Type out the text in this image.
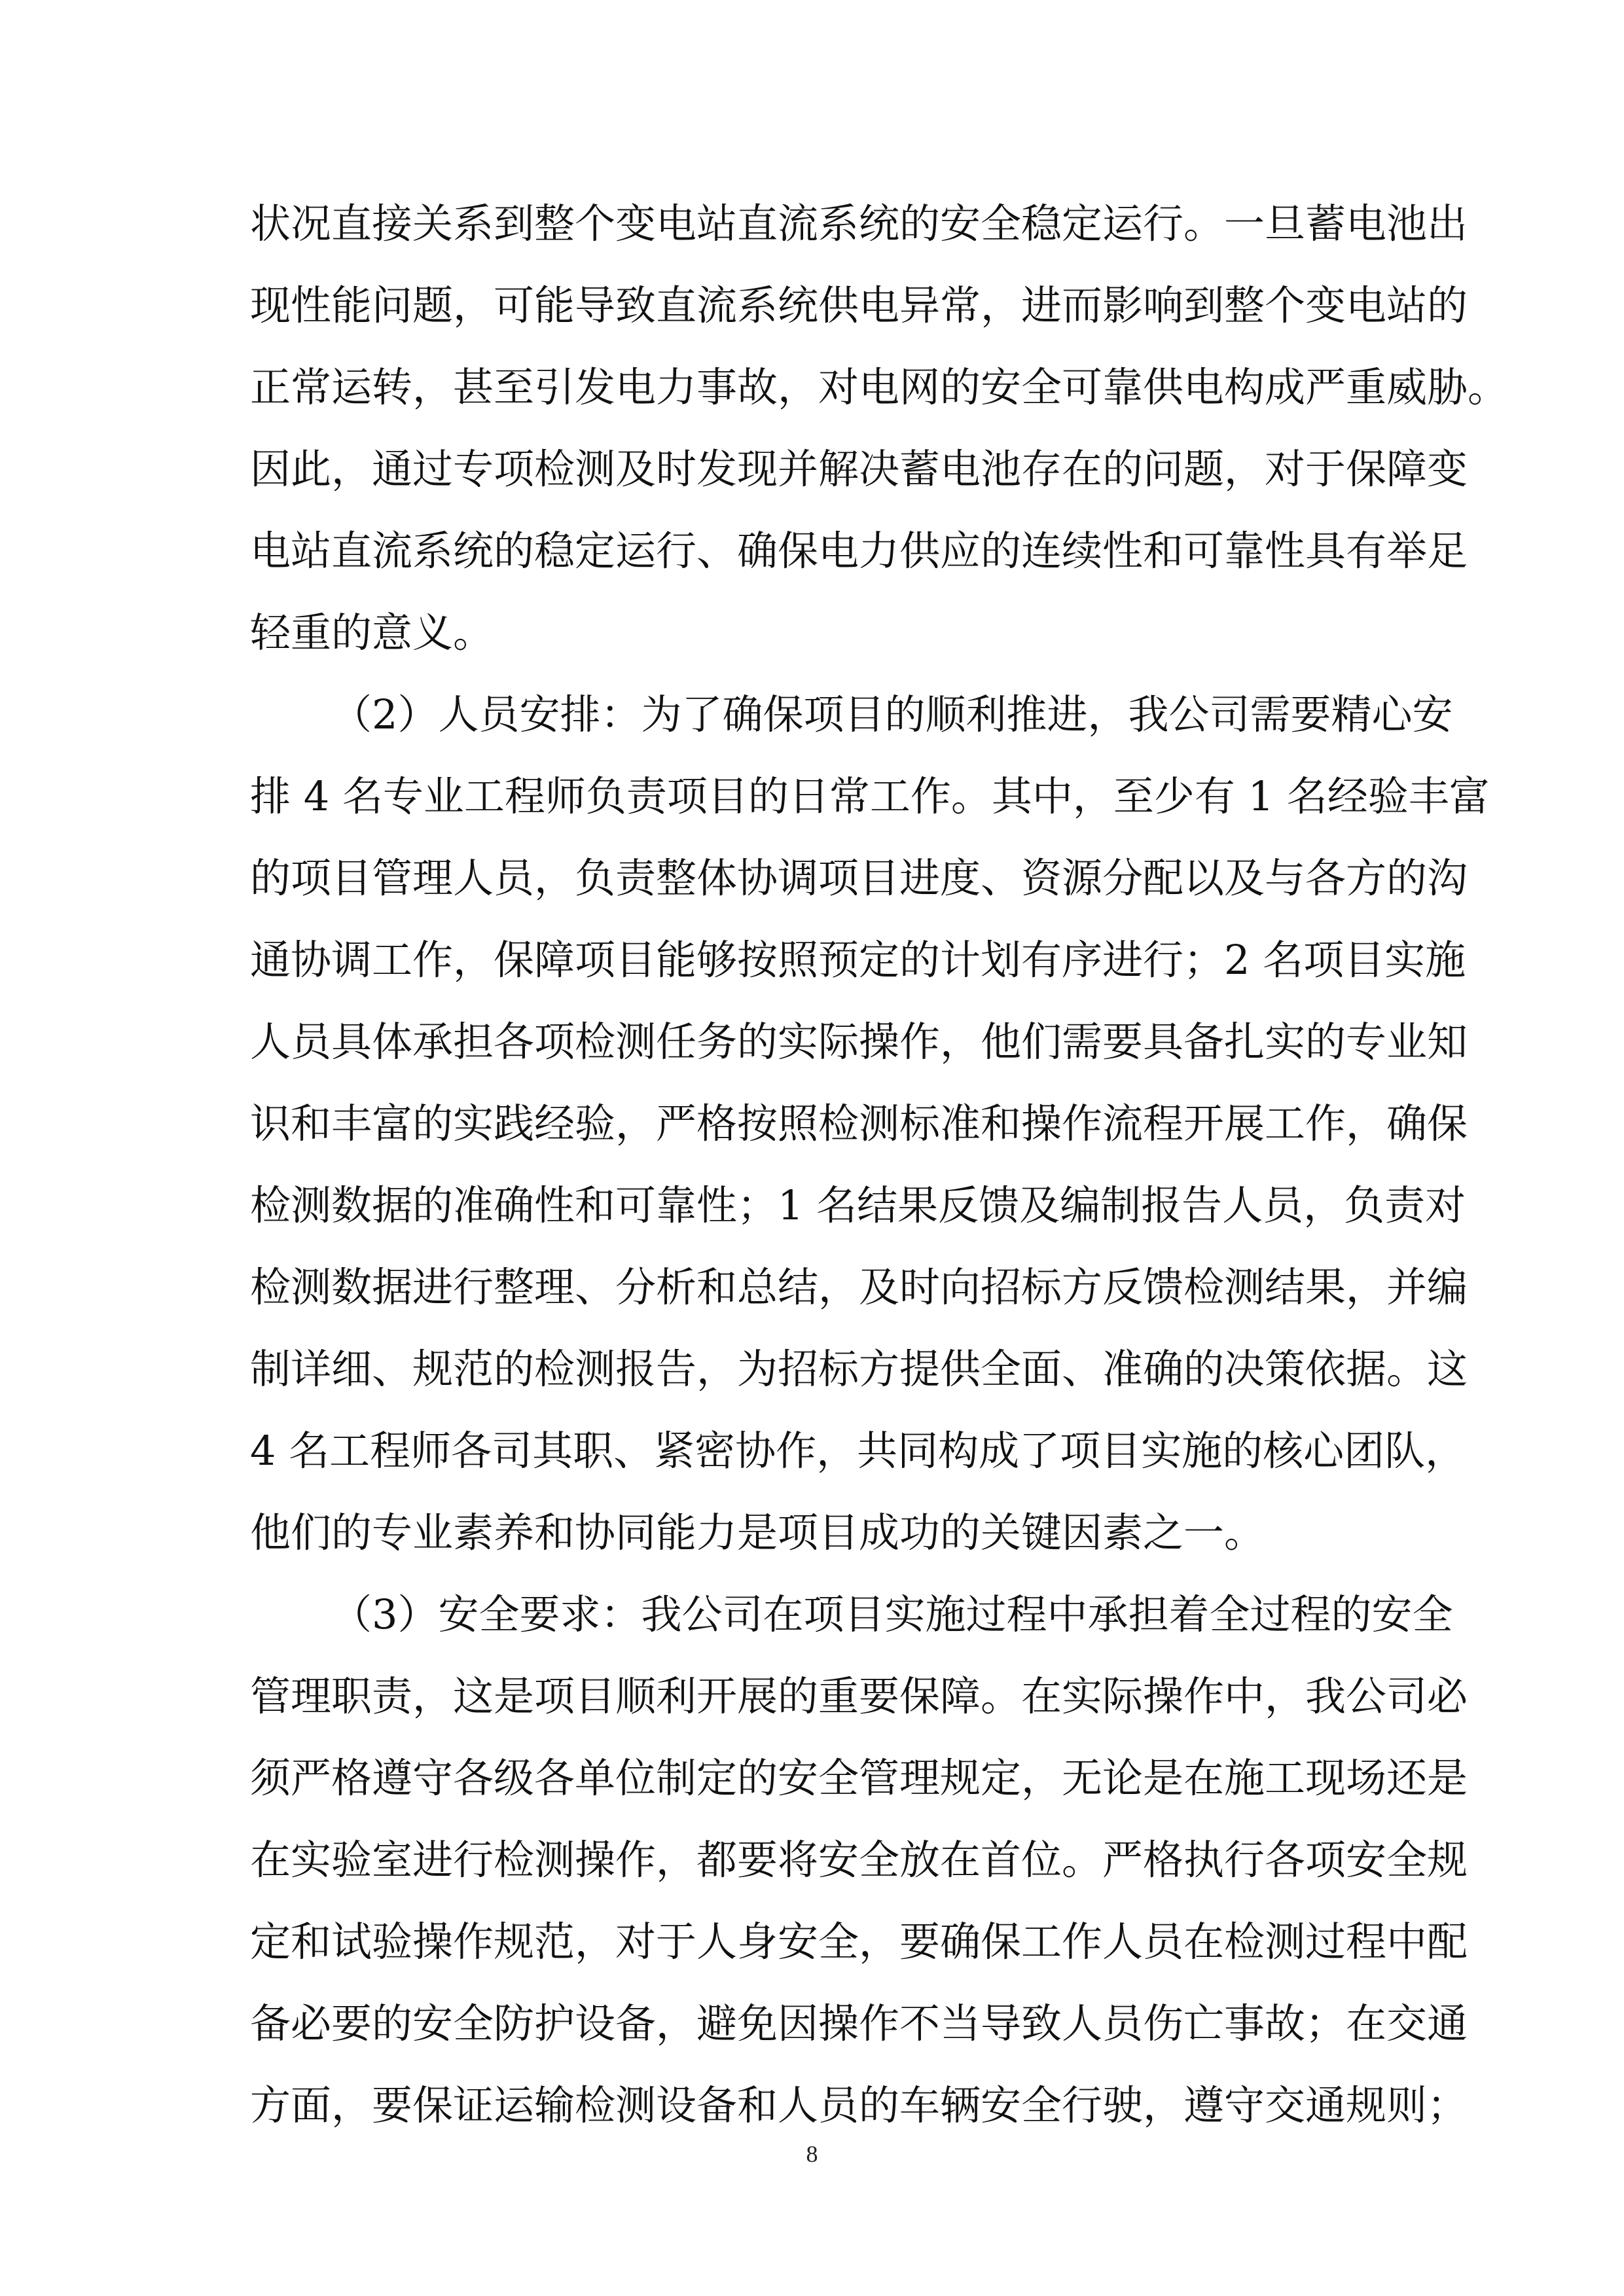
状况直接关系到整个变电站直流系统的安全稳定运行。一旦蓄电池出
现性能问题，可能导致直流系统供电异常，进而影响到整个变电站的
正常运转，甚至引发电力事故，对电网的安全可靠供电构成严重威胁。
因此，通过专项检测及时发现并解决蓄电池存在的问题，对于保障变
电站直流系统的稳定运行、确保电力供应的连续性和可靠性具有举足
轻重的意义。
（2）人员安排：为了确保项目的顺利推进，我公司需要精心安
排 4 名专业工程师负责项目的日常工作。其中，至少有 1 名经验丰富
的项目管理人员，负责整体协调项目进度、资源分配以及与各方的沟
通协调工作，保障项目能够按照预定的计划有序进行；2 名项目实施
人员具体承担各项检测任务的实际操作，他们需要具备扎实的专业知
识和丰富的实践经验，严格按照检测标准和操作流程开展工作，确保
检测数据的准确性和可靠性；1 名结果反馈及编制报告人员，负责对
检测数据进行整理、分析和总结，及时向招标方反馈检测结果，并编
制详细、规范的检测报告，为招标方提供全面、准确的决策依据。这
4 名工程师各司其职、紧密协作，共同构成了项目实施的核心团队，
他们的专业素养和协同能力是项目成功的关键因素之一。
（3）安全要求：我公司在项目实施过程中承担着全过程的安全
管理职责，这是项目顺利开展的重要保障。在实际操作中，我公司必
须严格遵守各级各单位制定的安全管理规定，无论是在施工现场还是
在实验室进行检测操作，都要将安全放在首位。严格执行各项安全规
定和试验操作规范，对于人身安全，要确保工作人员在检测过程中配
备必要的安全防护设备，避免因操作不当导致人员伤亡事故；在交通
方面，要保证运输检测设备和人员的车辆安全行驶，遵守交通规则；
8
